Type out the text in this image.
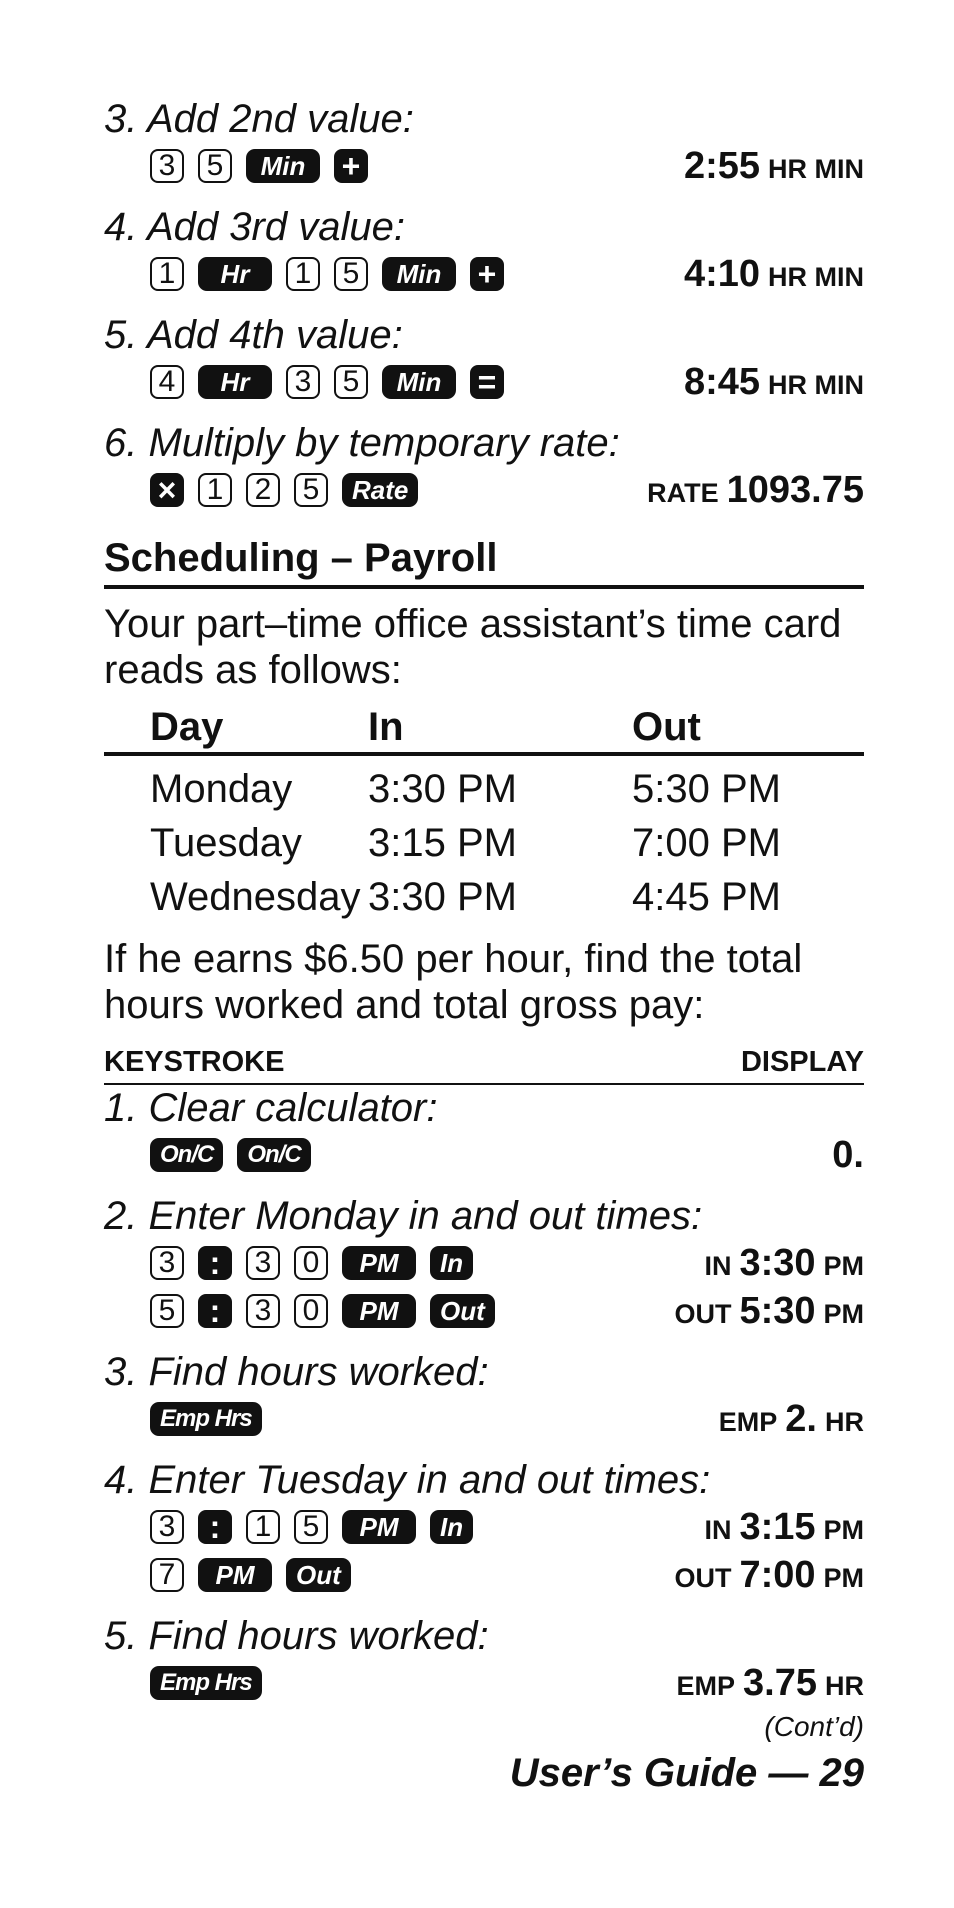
3. Add 2nd value:
3 5	Min	+	2:55 HR MIN
4. Add 3rd value:
1	Hr	1 5	Min	+	4:10 HR MIN
5. Add 4th value:
4	Hr	3 5	Min	=	8:45 HR MIN
6. Multiply by temporary rate:
× 1 2 5	Rate	RATE 1093.75
Scheduling – Payroll
Your part–time office assistant’s time card reads as follows:
Day	In	Out
Monday	3:30 PM	5:30 PM
Tuesday	3:15 PM	7:00 PM
Wednesday 3:30 PM	4:45 PM
If he earns $6.50 per hour, find the total hours worked and total gross pay:
KEYSTROKE	DISPLAY
1. Clear calculator:
On/C	On/C	0.
2. Enter Monday in and out times:
3	:	3 0	PM	In	IN 3:30 PM
5	:	3 0	PM	Out	OUT 5:30 PM
3. Find hours worked:
Emp Hrs	EMP 2. HR
4. Enter Tuesday in and out times:
3	:	1 5	PM	In	IN 3:15 PM
7	PM	Out	OUT 7:00 PM
5. Find hours worked:
Emp Hrs	EMP 3.75 HR
(Cont’d)
User’s Guide — 29
